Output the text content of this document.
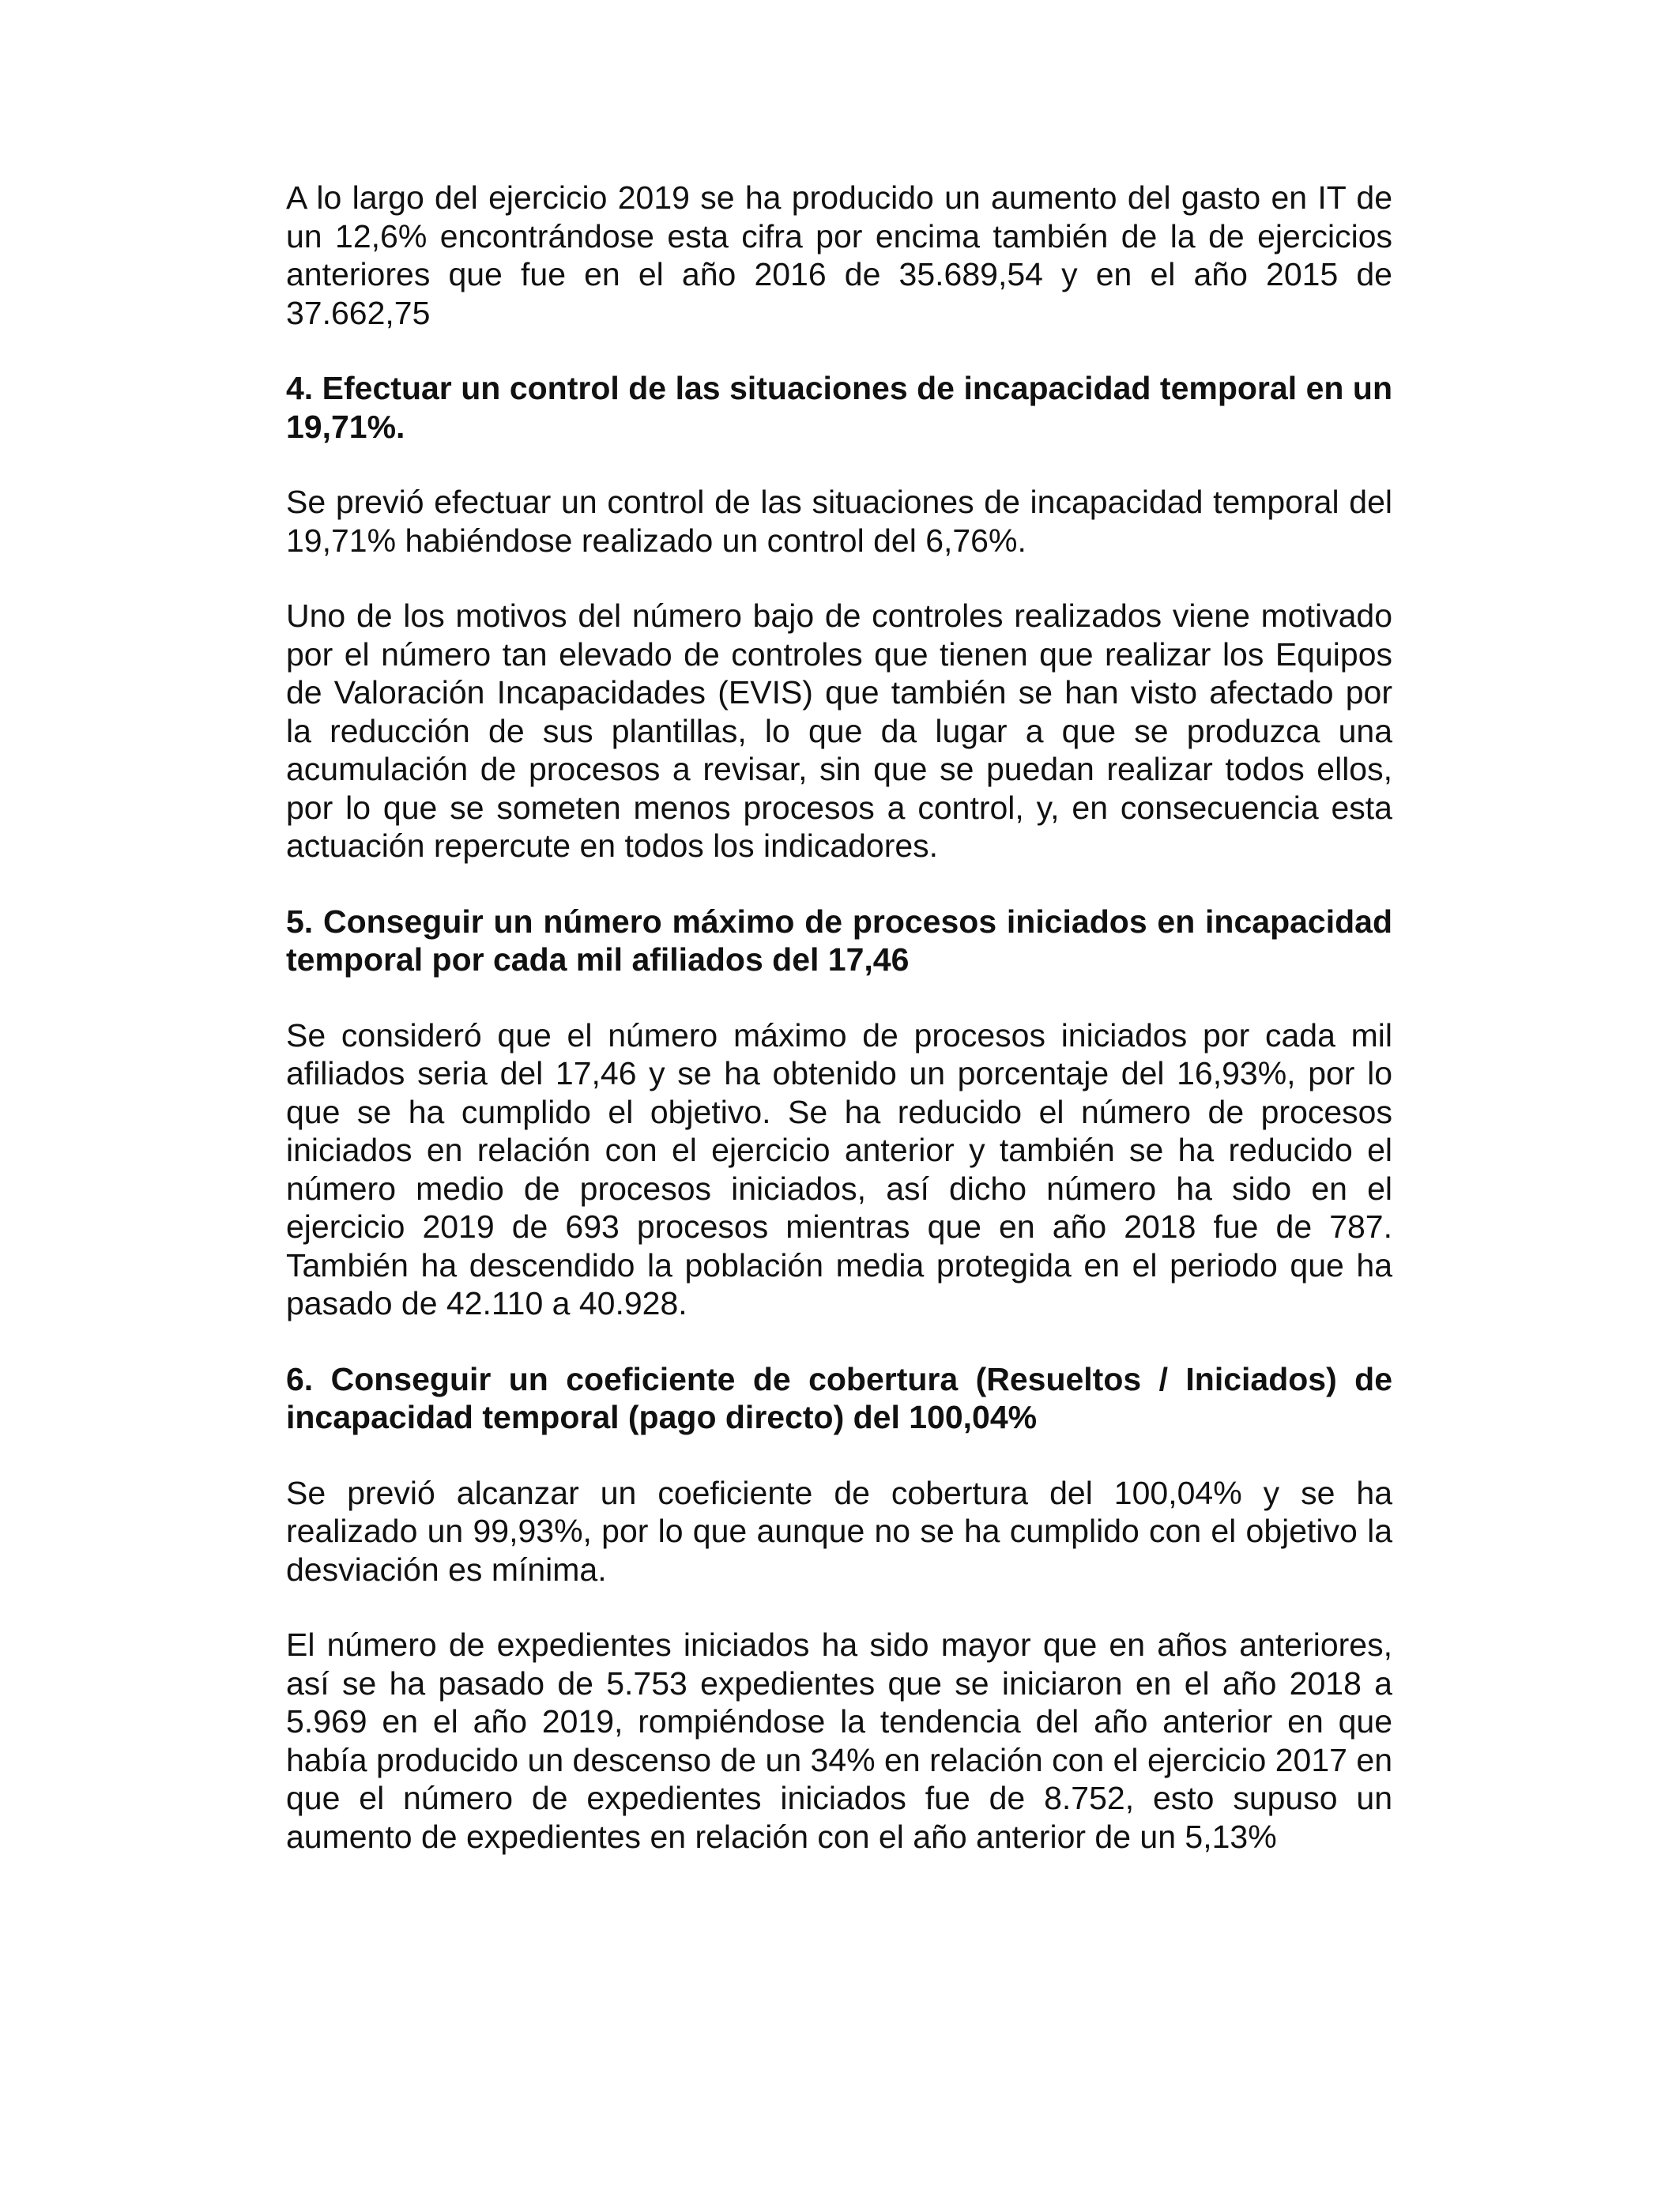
A lo largo del ejercicio 2019 se ha producido un aumento del gasto en IT de un 12,6% encontrándose esta cifra por encima también de la de ejercicios anteriores que fue en el año 2016 de 35.689,54 y en el año 2015 de 37.662,75

4. Efectuar un control de las situaciones de incapacidad temporal en un 19,71%.

Se previó efectuar un control de las situaciones de incapacidad temporal del 19,71% habiéndose realizado un control del 6,76%.

Uno de los motivos del número bajo de controles realizados viene motivado por el número tan elevado de controles que tienen que realizar los Equipos de Valoración Incapacidades (EVIS) que también se han visto afectado por la reducción de sus plantillas, lo que da lugar a que se produzca una acumulación de procesos a revisar, sin que se puedan realizar todos ellos, por lo que se someten menos procesos a control, y, en consecuencia esta actuación repercute en todos los indicadores.

5. Conseguir un número máximo de procesos iniciados en incapacidad temporal por cada mil afiliados del 17,46

Se consideró que el número máximo de procesos iniciados por cada mil afiliados seria del 17,46 y se ha obtenido un porcentaje del 16,93%, por lo que se ha cumplido el objetivo. Se ha reducido el número de procesos iniciados en relación con el ejercicio anterior y también se ha reducido el número medio de procesos iniciados, así dicho número ha sido en el ejercicio 2019 de 693 procesos mientras que en año 2018 fue de 787. También ha descendido la población media protegida en el periodo que ha pasado de 42.110 a 40.928.

6. Conseguir un coeficiente de cobertura (Resueltos / Iniciados) de incapacidad temporal (pago directo) del 100,04%

Se previó alcanzar un coeficiente de cobertura del 100,04% y se ha realizado un 99,93%, por lo que aunque no se ha cumplido con el objetivo la desviación es mínima.

El número de expedientes iniciados ha sido mayor que en años anteriores, así se ha pasado de 5.753 expedientes que se iniciaron en el año 2018 a 5.969 en el año 2019, rompiéndose la tendencia del año anterior en que había producido un descenso de un 34% en relación con el ejercicio 2017 en que el número de expedientes iniciados fue de 8.752, esto supuso un aumento de expedientes en relación con el año anterior de un 5,13%
